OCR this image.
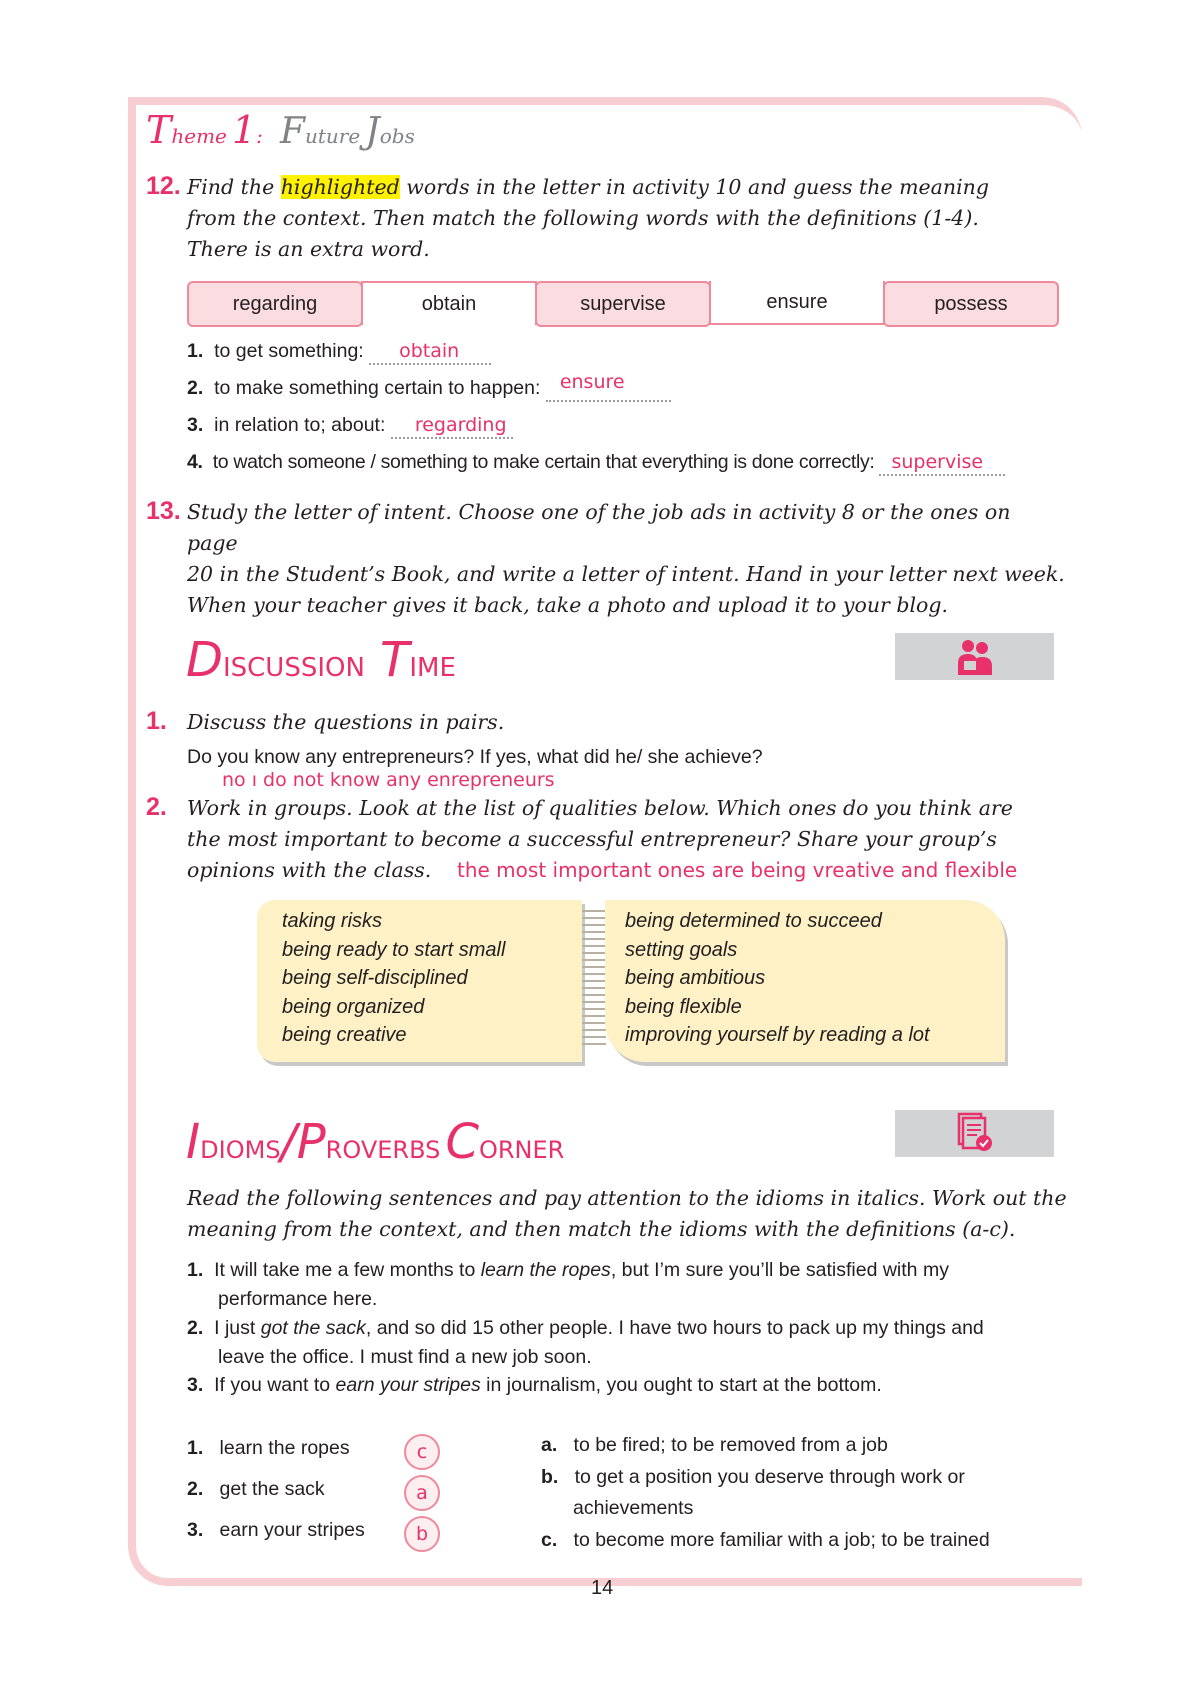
Theme 1: Future Jobs
12. Find the highlighted words in the letter in activity 10 and guess the meaning
from the context. Then match the following words with the definitions (1-4).
There is an extra word.
regarding	obtain	supervise	ensure	possess
1. to get something: obtain
2. to make something certain to happen: ensure
3. in relation to; about: regarding
4. to watch someone / something to make certain that everything is done correctly: supervise
13. Study the letter of intent. Choose one of the job ads in activity 8 or the ones on page
20 in the Student’s Book, and write a letter of intent. Hand in your letter next week.
When your teacher gives it back, take a photo and upload it to your blog.
DISCUSSION TIME
1. Discuss the questions in pairs.
Do you know any entrepreneurs? If yes, what did he/ she achieve?
no ı do not know any enrepreneurs
2. Work in groups. Look at the list of qualities below. Which ones do you think are
the most important to become a successful entrepreneur? Share your group’s
opinions with the class.	the most important ones are being vreative and flexible
taking risks
being ready to start small
being self-disciplined
being organized
being creative
being determined to succeed
setting goals
being ambitious
being flexible
improving yourself by reading a lot
IDIOMS/PROVERBS CORNER
Read the following sentences and pay attention to the idioms in italics. Work out the
meaning from the context, and then match the idioms with the definitions (a-c).
1. It will take me a few months to learn the ropes, but I’m sure you’ll be satisfied with my
performance here.
2. I just got the sack, and so did 15 other people. I have two hours to pack up my things and
leave the office. I must find a new job soon.
3. If you want to earn your stripes in journalism, you ought to start at the bottom.
1. learn the ropes	c
2. get the sack	a
3. earn your stripes	b
a. to be fired; to be removed from a job
b. to get a position you deserve through work or
achievements
c. to become more familiar with a job; to be trained
14
